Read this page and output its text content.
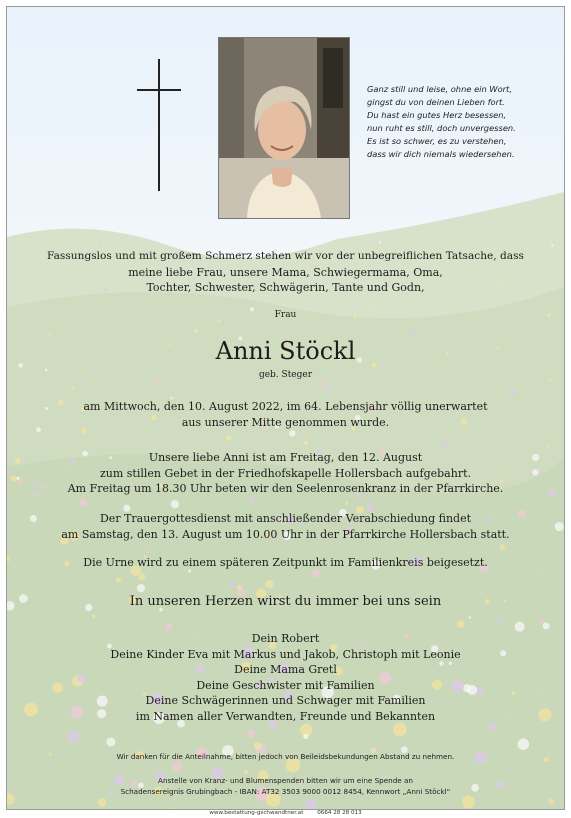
Ganz still und leise, ohne ein Wort,
gingst du von deinen Lieben fort.
Du hast ein gutes Herz besessen,
nun ruht es still, doch unvergessen.
Es ist so schwer, es zu verstehen,
dass wir dich niemals wiedersehen.
Fassungslos und mit großem Schmerz stehen wir vor der unbegreiflichen Tatsache, dass
meine liebe Frau, unsere Mama, Schwiegermama, Oma,
Tochter, Schwester, Schwägerin, Tante und Godn,
Frau
Anni Stöckl
geb. Steger
am Mittwoch, den 10. August 2022, im 64. Lebensjahr völlig unerwartet
aus unserer Mitte genommen wurde.
Unsere liebe Anni ist am Freitag, den 12. August
zum stillen Gebet in der Friedhofskapelle Hollersbach aufgebahrt.
Am Freitag um 18.30 Uhr beten wir den Seelenrosenkranz in der Pfarrkirche.
Der Trauergottesdienst mit anschließender Verabschiedung findet
am Samstag, den 13. August um 10.00 Uhr in der Pfarrkirche Hollersbach statt.
Die Urne wird zu einem späteren Zeitpunkt im Familienkreis beigesetzt.
In unseren Herzen wirst du immer bei uns sein
Dein Robert
Deine Kinder Eva mit Markus und Jakob, Christoph mit Leonie
Deine Mama Gretl
Deine Geschwister mit Familien
Deine Schwägerinnen und Schwager mit Familien
im Namen aller Verwandten, Freunde und Bekannten
Wir danken für die Anteilnahme, bitten jedoch von Beileidsbekundungen Abstand zu nehmen.
Anstelle von Kranz- und Blumenspenden bitten wir um eine Spende an
Schadensereignis Grubingbach - IBAN: AT32 3503 9000 0012 8454, Kennwort „Anni Stöckl“
www.bestattung-gschwandtner.at 0664 28 28 013
